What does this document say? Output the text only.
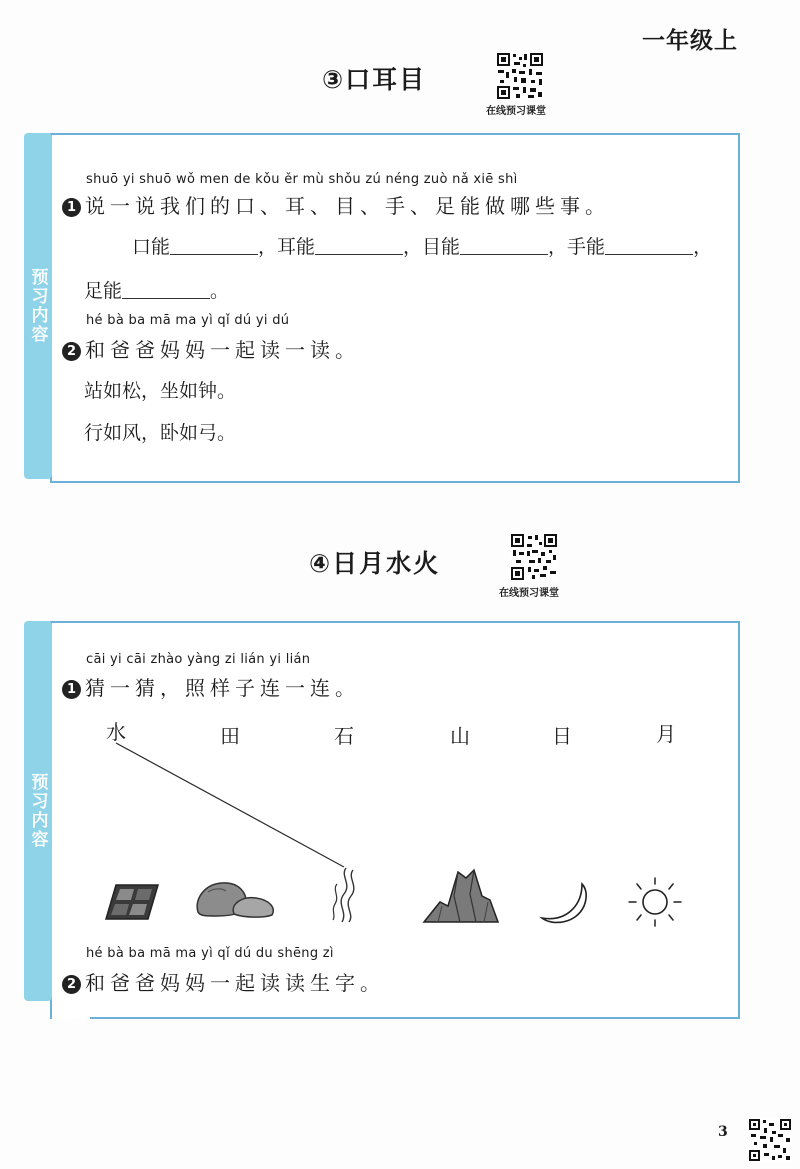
一年级上
③口耳目
在线预习课堂
预习内容
shuō yi shuō wǒ men de kǒu ěr mù shǒu zú néng zuò nǎ xiē shì
1 说一说我们的口、耳、目、手、足能做哪些事。
口能	，耳能	，目能	，手能	，
足能	。
hé bà ba mā ma yì qǐ dú yi dú
2 和爸爸妈妈一起读一读。
站如松，坐如钟。
行如风，卧如弓。
④日月水火
在线预习课堂
预习内容
cāi yi cāi zhào yàng zi lián yi lián
1 猜一猜，照样子连一连。
水	田	石	山	日	月
hé bà ba mā ma yì qǐ dú du shēng zì
2 和爸爸妈妈一起读读生字。
3
